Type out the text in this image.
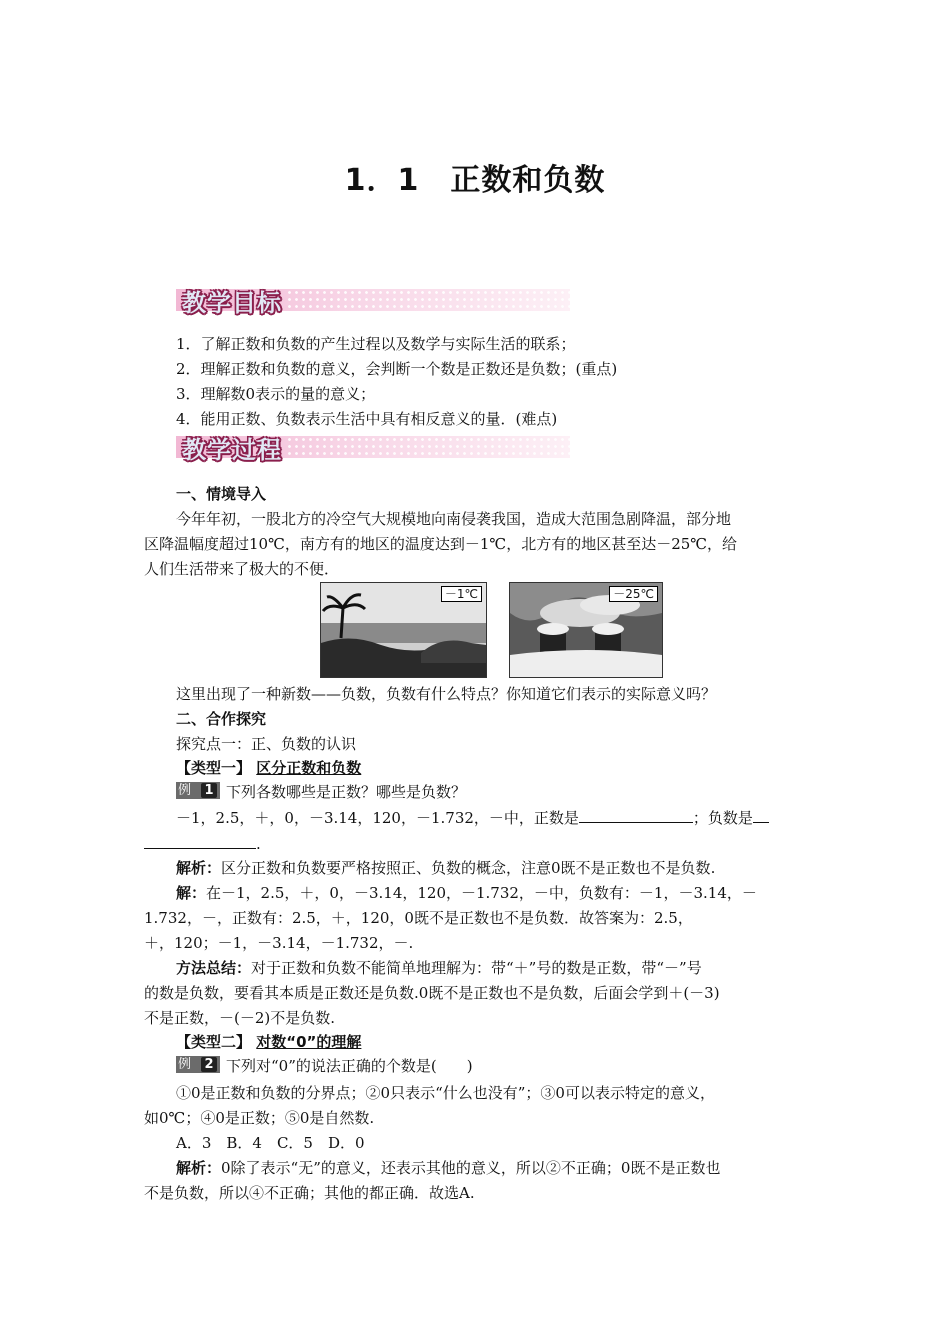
1．1　正数和负数
教学目标
1．了解正数和负数的产生过程以及数学与实际生活的联系；
2．理解正数和负数的意义，会判断一个数是正数还是负数；(重点)
3．理解数0表示的量的意义；
4．能用正数、负数表示生活中具有相反意义的量．(难点)
教学过程
一、情境导入
今年年初，一股北方的冷空气大规模地向南侵袭我国，造成大范围急剧降温，部分地
区降温幅度超过10℃，南方有的地区的温度达到－1℃，北方有的地区甚至达－25℃，给
人们生活带来了极大的不便．
－1℃	－25℃
这里出现了一种新数——负数，负数有什么特点？你知道它们表示的实际意义吗？
二、合作探究
探究点一：正、负数的认识
【类型一】 区分正数和负数
例 1 下列各数哪些是正数？哪些是负数？
－1，2.5，＋，0，－3.14，120，－1.732，－中，正数是	；负数是
.
解析：区分正数和负数要严格按照正、负数的概念，注意0既不是正数也不是负数.
解：在－1，2.5，＋，0，－3.14，120，－1.732，－中，负数有：－1，－3.14，－
1.732，－，正数有：2.5，＋，120，0既不是正数也不是负数．故答案为：2.5，
＋，120；－1，－3.14，－1.732，－.
方法总结：对于正数和负数不能简单地理解为：带“＋”号的数是正数，带“－”号
的数是负数，要看其本质是正数还是负数.0既不是正数也不是负数，后面会学到＋(－3)
不是正数，－(－2)不是负数.
【类型二】 对数“0”的理解
例 2 下列对“0”的说法正确的个数是(　　)
①0是正数和负数的分界点；②0只表示“什么也没有”；③0可以表示特定的意义，
如0℃；④0是正数；⑤0是自然数.
A．3　B．4　C．5　D．0
解析：0除了表示“无”的意义，还表示其他的意义，所以②不正确；0既不是正数也
不是负数，所以④不正确；其他的都正确．故选A.
